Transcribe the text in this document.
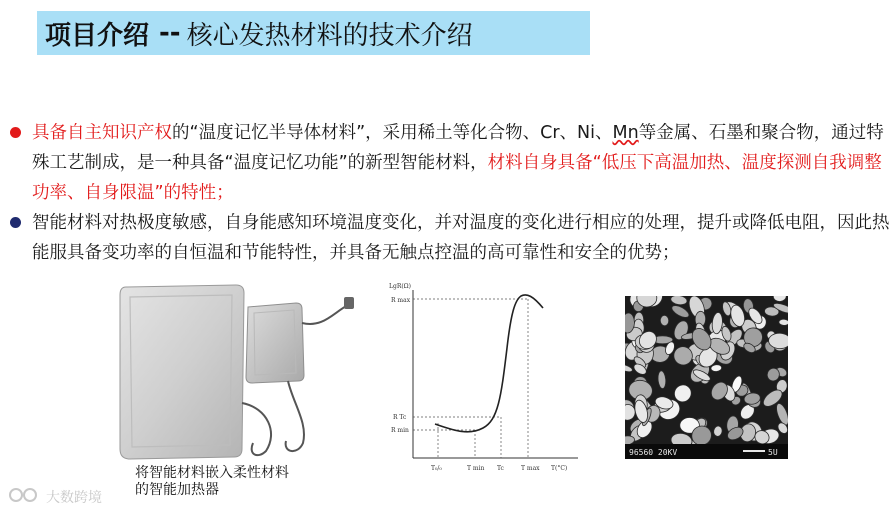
项目介绍 -- 核心发热材料的技术介绍
具备自主知识产权的“温度记忆半导体材料”，采用稀土等化合物、Cr、Ni、Mn等金属、石墨和聚合物，通过特殊工艺制成，是一种具备“温度记忆功能”的新型智能材料，材料自身具备“低压下高温加热、温度探测自我调整功率、自身限温”的特性；
智能材料对热极度敏感，自身能感知环境温度变化，并对温度的变化进行相应的处理，提升或降低电阻，因此热能服具备变功率的自恒温和节能特性，并具备无触点控温的高可靠性和安全的优势；
将智能材料嵌入柔性材料
的智能加热器
大数跨境
LgR(Ω)
R max
R Tc
R min
T₀/₀	T min Tc	T max T(°C)
96560 20KV	5U
